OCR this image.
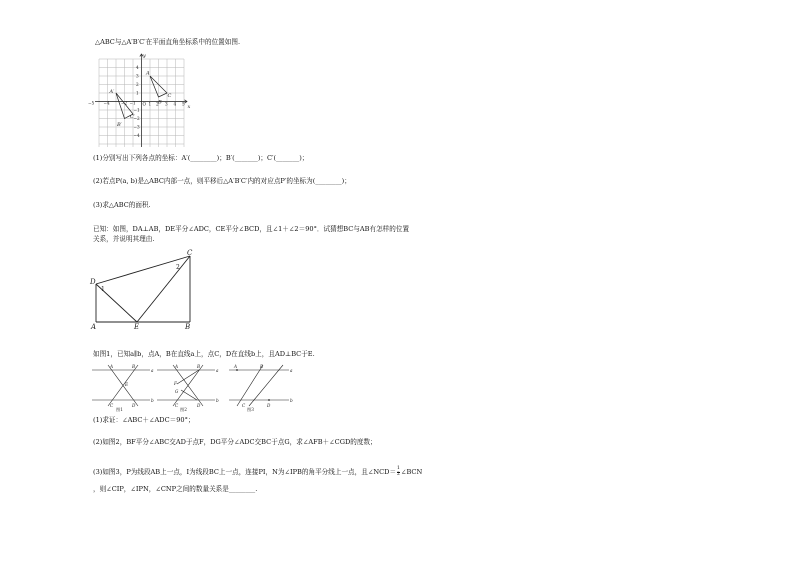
△ABC与△A′B′C′在平面直角坐标系中的位置如图.
−5 −4	−2 −1	1 2 3 4 5
4
3
2
1
−1
−2
−3
−4
O	x
y
A
B
C
A′
B′
C′
(1)分别写出下列各点的坐标：A′(________)；B′(_______)；C′(_______)；
(2)若点P(a, b)是△ABC内部一点，则平移后△A′B′C′内的对应点P′的坐标为(________)；
(3)求△ABC的面积.
已知：如图，DA⊥AB，DE平分∠ADC，CE平分∠BCD，且∠1＋∠2＝90°．试猜想BC与AB有怎样的位置
关系，并说明其理由.
D
A	E	B
C
1
2
如图1，已知a∥b，点A，B在直线a上，点C，D在直线b上，且AD⊥BC于E.
a
b
A	B
C	D
E
图1
a
b
A	B
C	D
F
G
图2
a
b
A	B
C	D
图3
(1)求证：∠ABC＋∠ADC＝90°；
(2)如图2，BF平分∠ABC交AD于点F，DG平分∠ADC交BC于点G，求∠AFB＋∠CGD的度数；
(3)如图3，P为线段AB上一点，I为线段BC上一点，连接PI，N为∠IPB的角平分线上一点，且∠NCD＝ $\frac{1}{2}$ ∠BCN
，则∠CIP，∠IPN，∠CNP之间的数量关系是________.
